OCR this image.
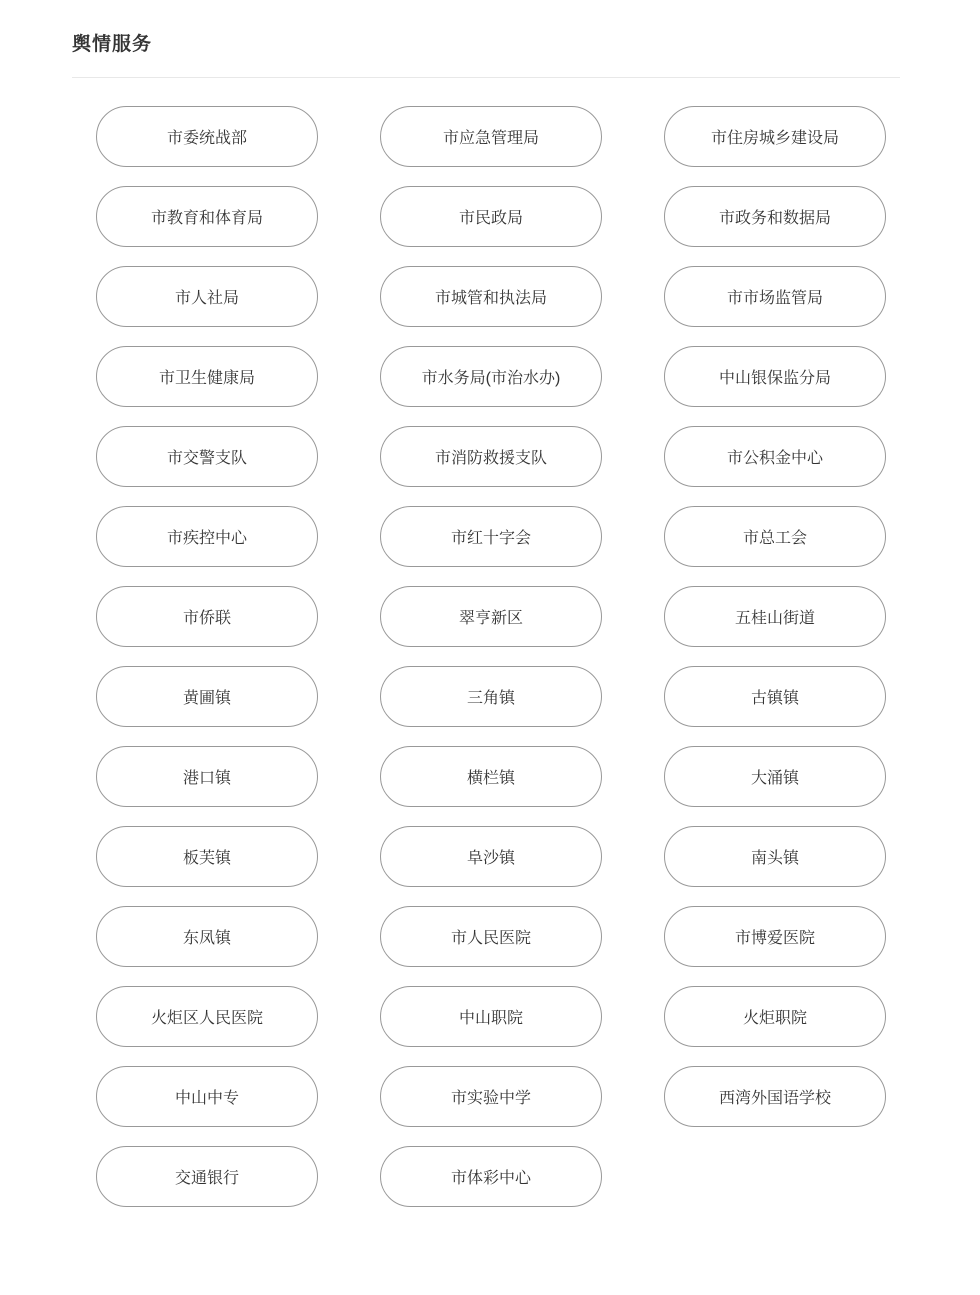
舆情服务
市委统战部	市应急管理局	市住房城乡建设局
市教育和体育局	市民政局	市政务和数据局
市人社局	市城管和执法局	市市场监管局
市卫生健康局	市水务局(市治水办)	中山银保监分局
市交警支队	市消防救援支队	市公积金中心
市疾控中心	市红十字会	市总工会
市侨联	翠亨新区	五桂山街道
黄圃镇	三角镇	古镇镇
港口镇	横栏镇	大涌镇
板芙镇	阜沙镇	南头镇
东凤镇	市人民医院	市博爱医院
火炬区人民医院	中山职院	火炬职院
中山中专	市实验中学	西湾外国语学校
交通银行	市体彩中心
